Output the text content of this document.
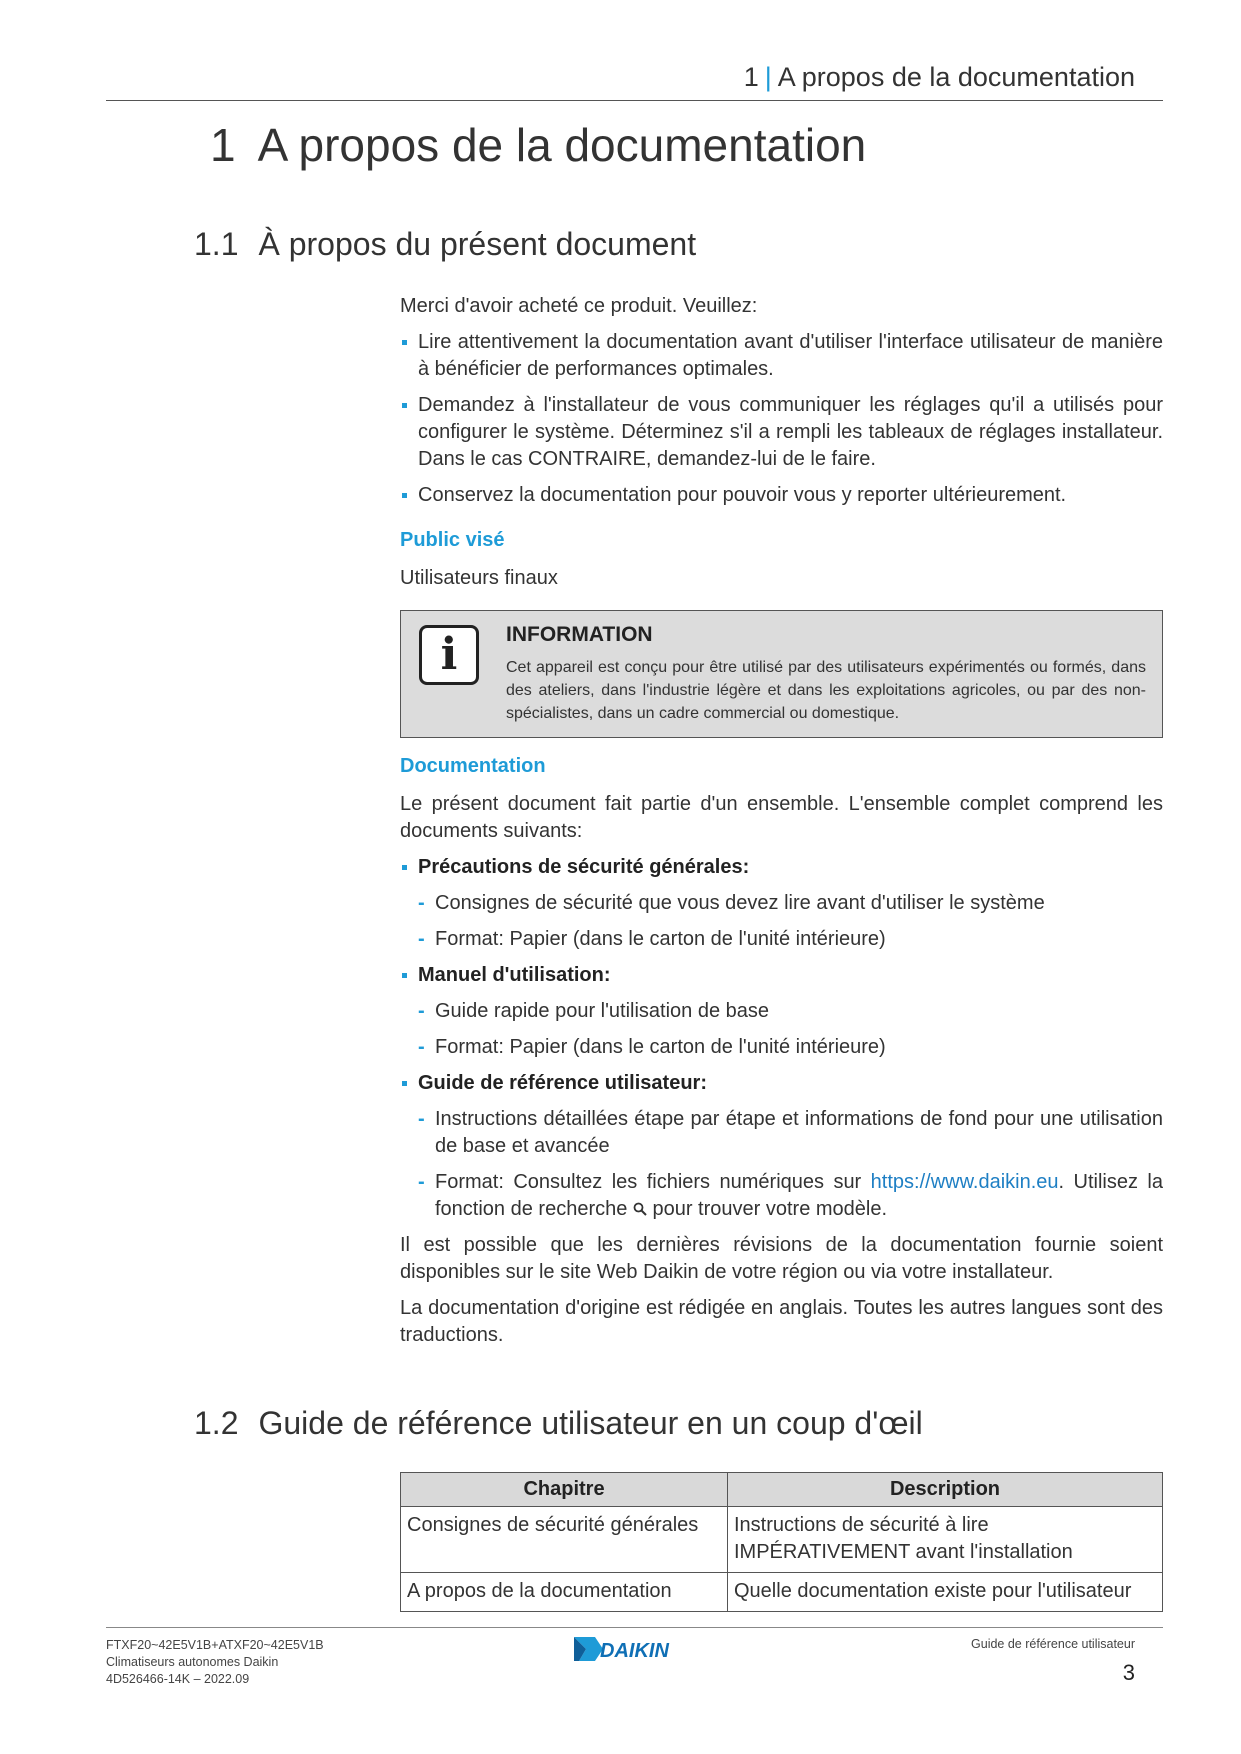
1 | A propos de la documentation
1 A propos de la documentation
1.1 À propos du présent document
Merci d'avoir acheté ce produit. Veuillez:
Lire attentivement la documentation avant d'utiliser l'interface utilisateur de manière à bénéficier de performances optimales.
Demandez à l'installateur de vous communiquer les réglages qu'il a utilisés pour configurer le système. Déterminez s'il a rempli les tableaux de réglages installateur. Dans le cas CONTRAIRE, demandez-lui de le faire.
Conservez la documentation pour pouvoir vous y reporter ultérieurement.
Public visé
Utilisateurs finaux
i	INFORMATION
Cet appareil est conçu pour être utilisé par des utilisateurs expérimentés ou formés, dans des ateliers, dans l'industrie légère et dans les exploitations agricoles, ou par des non-spécialistes, dans un cadre commercial ou domestique.
Documentation
Le présent document fait partie d'un ensemble. L'ensemble complet comprend les documents suivants:
Précautions de sécurité générales:
- Consignes de sécurité que vous devez lire avant d'utiliser le système
- Format: Papier (dans le carton de l'unité intérieure)
Manuel d'utilisation:
- Guide rapide pour l'utilisation de base
- Format: Papier (dans le carton de l'unité intérieure)
Guide de référence utilisateur:
- Instructions détaillées étape par étape et informations de fond pour une utilisation de base et avancée
- Format: Consultez les fichiers numériques sur https://www.daikin.eu. Utilisez la fonction de recherche  pour trouver votre modèle.
Il est possible que les dernières révisions de la documentation fournie soient disponibles sur le site Web Daikin de votre région ou via votre installateur.
La documentation d'origine est rédigée en anglais. Toutes les autres langues sont des traductions.
1.2 Guide de référence utilisateur en un coup d'œil
Chapitre	Description
Consignes de sécurité générales	Instructions de sécurité à lire IMPÉRATIVEMENT avant l'installation
A propos de la documentation	Quelle documentation existe pour l'utilisateur
FTXF20~42E5V1B+ATXF20~42E5V1B
Climatiseurs autonomes Daikin
4D526466-14K – 2022.09
DAIKIN	Guide de référence utilisateur
3
